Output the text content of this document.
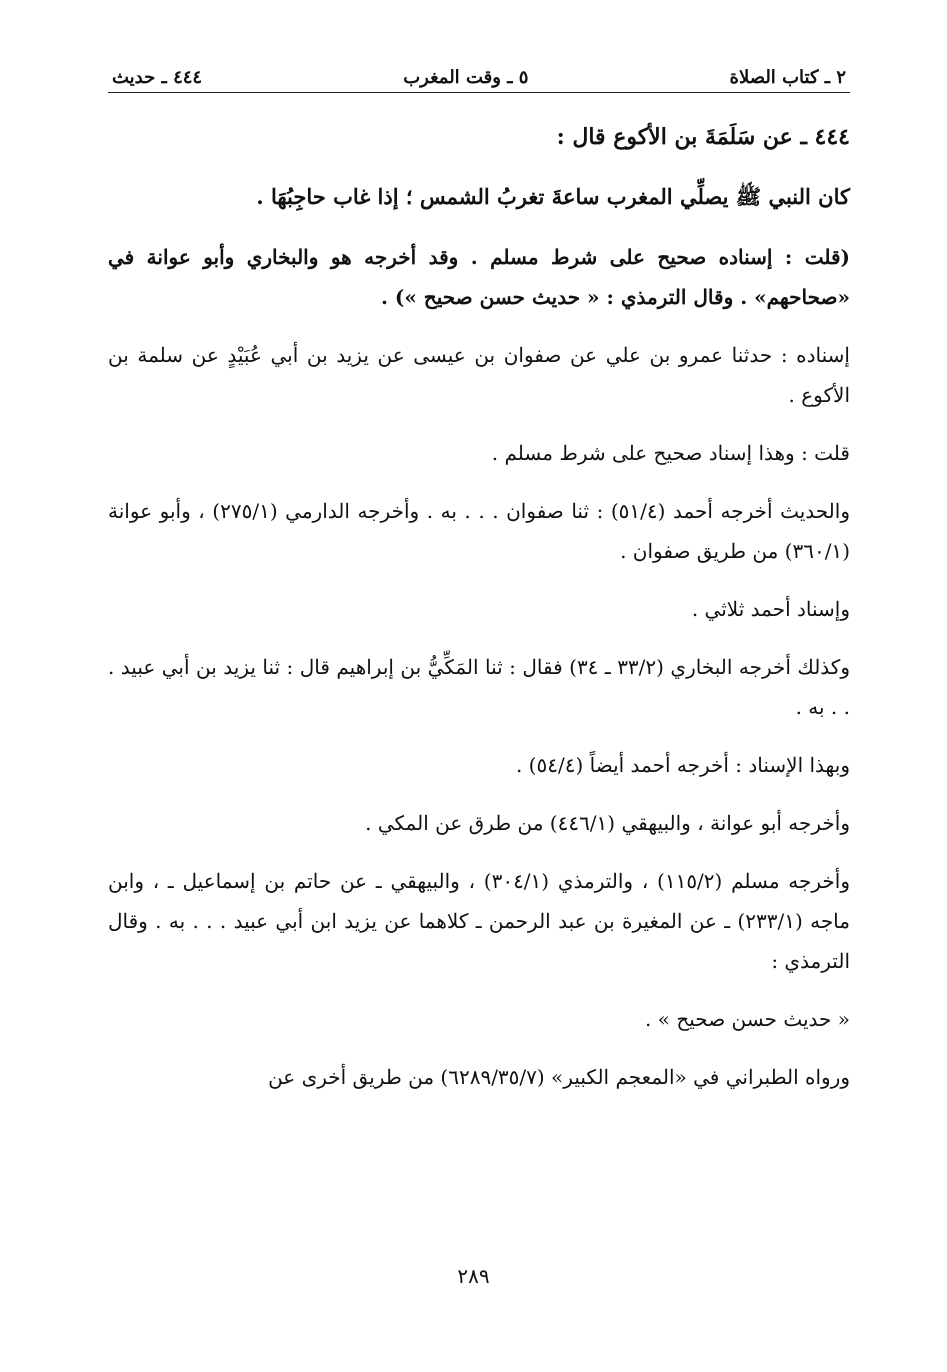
٢ ـ كتاب الصلاة
٥ ـ وقت المغرب
٤٤٤ ـ حديث

٤٤٤ ـ عن سَلَمَةَ بن الأكوع قال :

كان النبي ﷺ يصلِّي المغرب ساعةَ تغربُ الشمس ؛ إذا غاب حاجِبُهَا .

(قلت : إسناده صحيح على شرط مسلم . وقد أخرجه هو والبخاري وأبو عوانة في «صحاحهم» . وقال الترمذي : « حديث حسن صحيح ») .

إسناده : حدثنا عمرو بن علي عن صفوان بن عيسى عن يزيد بن أبي عُبَيْدٍ عن سلمة بن الأكوع .

قلت : وهذا إسناد صحيح على شرط مسلم .

والحديث أخرجه أحمد (٥١/٤) : ثنا صفوان . . . به . وأخرجه الدارمي (٢٧٥/١) ، وأبو عوانة (٣٦٠/١) من طريق صفوان .

وإسناد أحمد ثلاثي .

وكذلك أخرجه البخاري (٣٣/٢ ـ ٣٤) فقال : ثنا المَكِّيُّ بن إبراهيم قال : ثنا يزيد بن أبي عبيد . . . به .

وبهذا الإسناد : أخرجه أحمد أيضاً (٥٤/٤) .

وأخرجه أبو عوانة ، والبيهقي (٤٤٦/١) من طرق عن المكي .

وأخرجه مسلم (١١٥/٢) ، والترمذي (٣٠٤/١) ، والبيهقي ـ عن حاتم بن إسماعيل ـ ، وابن ماجه (٢٣٣/١) ـ عن المغيرة بن عبد الرحمن ـ كلاهما عن يزيد ابن أبي عبيد . . . به . وقال الترمذي :

« حديث حسن صحيح » .

ورواه الطبراني في «المعجم الكبير» (٦٢٨٩/٣٥/٧) من طريق أخرى عن

٢٨٩
